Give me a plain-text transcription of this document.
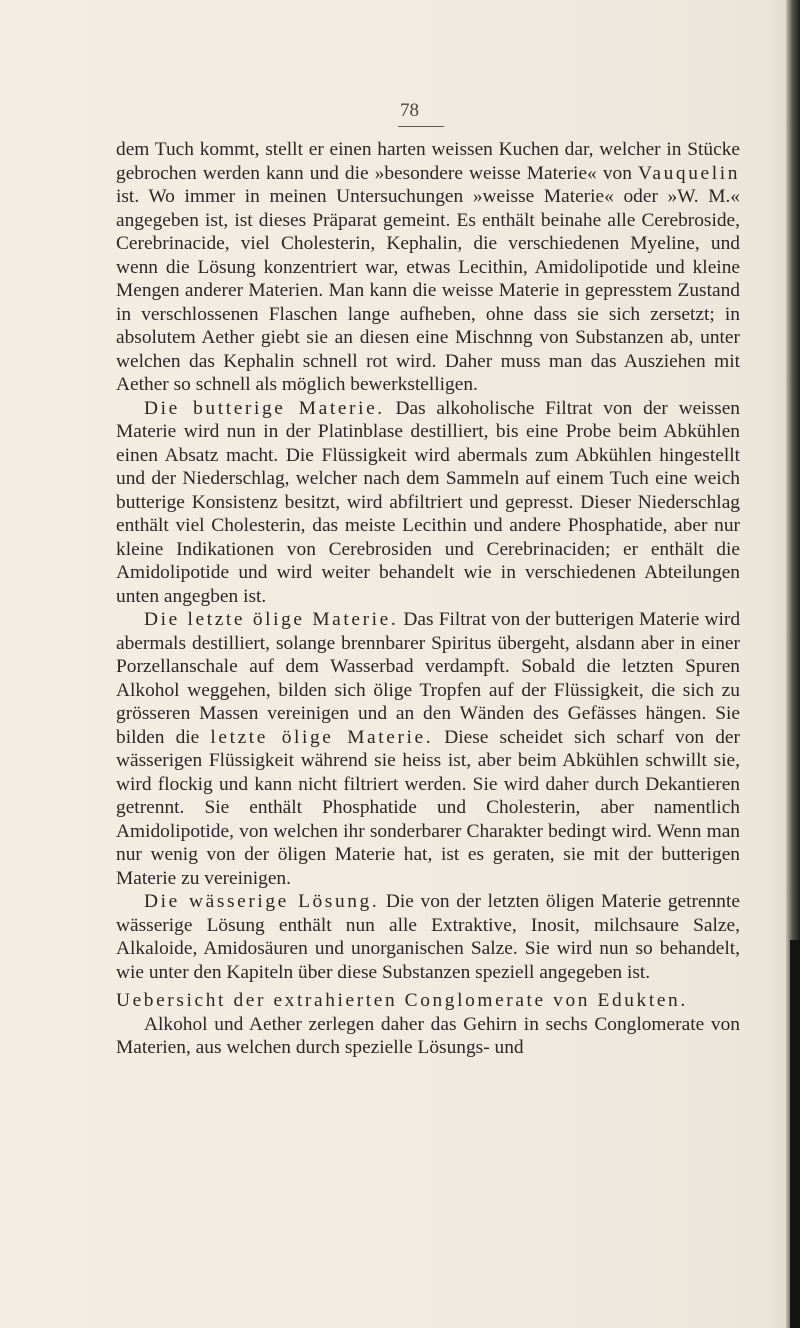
78

dem Tuch kommt, stellt er einen harten weissen Kuchen dar, welcher in Stücke gebrochen werden kann und die »besondere weisse Materie« von Vauquelin ist. Wo immer in meinen Untersuchungen »weisse Materie« oder »W. M.« angegeben ist, ist dieses Präparat gemeint. Es enthält beinahe alle Cerebroside, Cerebrinacide, viel Cholesterin, Kephalin, die verschiedenen Myeline, und wenn die Lösung konzentriert war, etwas Lecithin, Amidolipotide und kleine Mengen anderer Materien. Man kann die weisse Materie in gepresstem Zustand in verschlossenen Flaschen lange aufheben, ohne dass sie sich zersetzt; in absolutem Aether giebt sie an diesen eine Mischnng von Substanzen ab, unter welchen das Kephalin schnell rot wird. Daher muss man das Ausziehen mit Aether so schnell als möglich bewerkstelligen.

Die butterige Materie. Das alkoholische Filtrat von der weissen Materie wird nun in der Platinblase destilliert, bis eine Probe beim Abkühlen einen Absatz macht. Die Flüssigkeit wird abermals zum Abkühlen hingestellt und der Niederschlag, welcher nach dem Sammeln auf einem Tuch eine weich butterige Konsistenz besitzt, wird abfiltriert und gepresst. Dieser Niederschlag enthält viel Cholesterin, das meiste Lecithin und andere Phosphatide, aber nur kleine Indikationen von Cerebrosiden und Cerebrinaciden; er enthält die Amidolipotide und wird weiter behandelt wie in verschiedenen Abteilungen unten angegben ist.

Die letzte ölige Materie. Das Filtrat von der butterigen Materie wird abermals destilliert, solange brennbarer Spiritus übergeht, alsdann aber in einer Porzellanschale auf dem Wasserbad verdampft. Sobald die letzten Spuren Alkohol weggehen, bilden sich ölige Tropfen auf der Flüssigkeit, die sich zu grösseren Massen vereinigen und an den Wänden des Gefässes hängen. Sie bilden die letzte ölige Materie. Diese scheidet sich scharf von der wässerigen Flüssigkeit während sie heiss ist, aber beim Abkühlen schwillt sie, wird flockig und kann nicht filtriert werden. Sie wird daher durch Dekantieren getrennt. Sie enthält Phosphatide und Cholesterin, aber namentlich Amidolipotide, von welchen ihr sonderbarer Charakter bedingt wird. Wenn man nur wenig von der öligen Materie hat, ist es geraten, sie mit der butterigen Materie zu vereinigen.

Die wässerige Lösung. Die von der letzten öligen Materie getrennte wässerige Lösung enthält nun alle Extraktive, Inosit, milchsaure Salze, Alkaloide, Amidosäuren und unorganischen Salze. Sie wird nun so behandelt, wie unter den Kapiteln über diese Substanzen speziell angegeben ist.

Uebersicht der extrahierten Conglomerate von Edukten.

Alkohol und Aether zerlegen daher das Gehirn in sechs Conglomerate von Materien, aus welchen durch spezielle Lösungs- und
